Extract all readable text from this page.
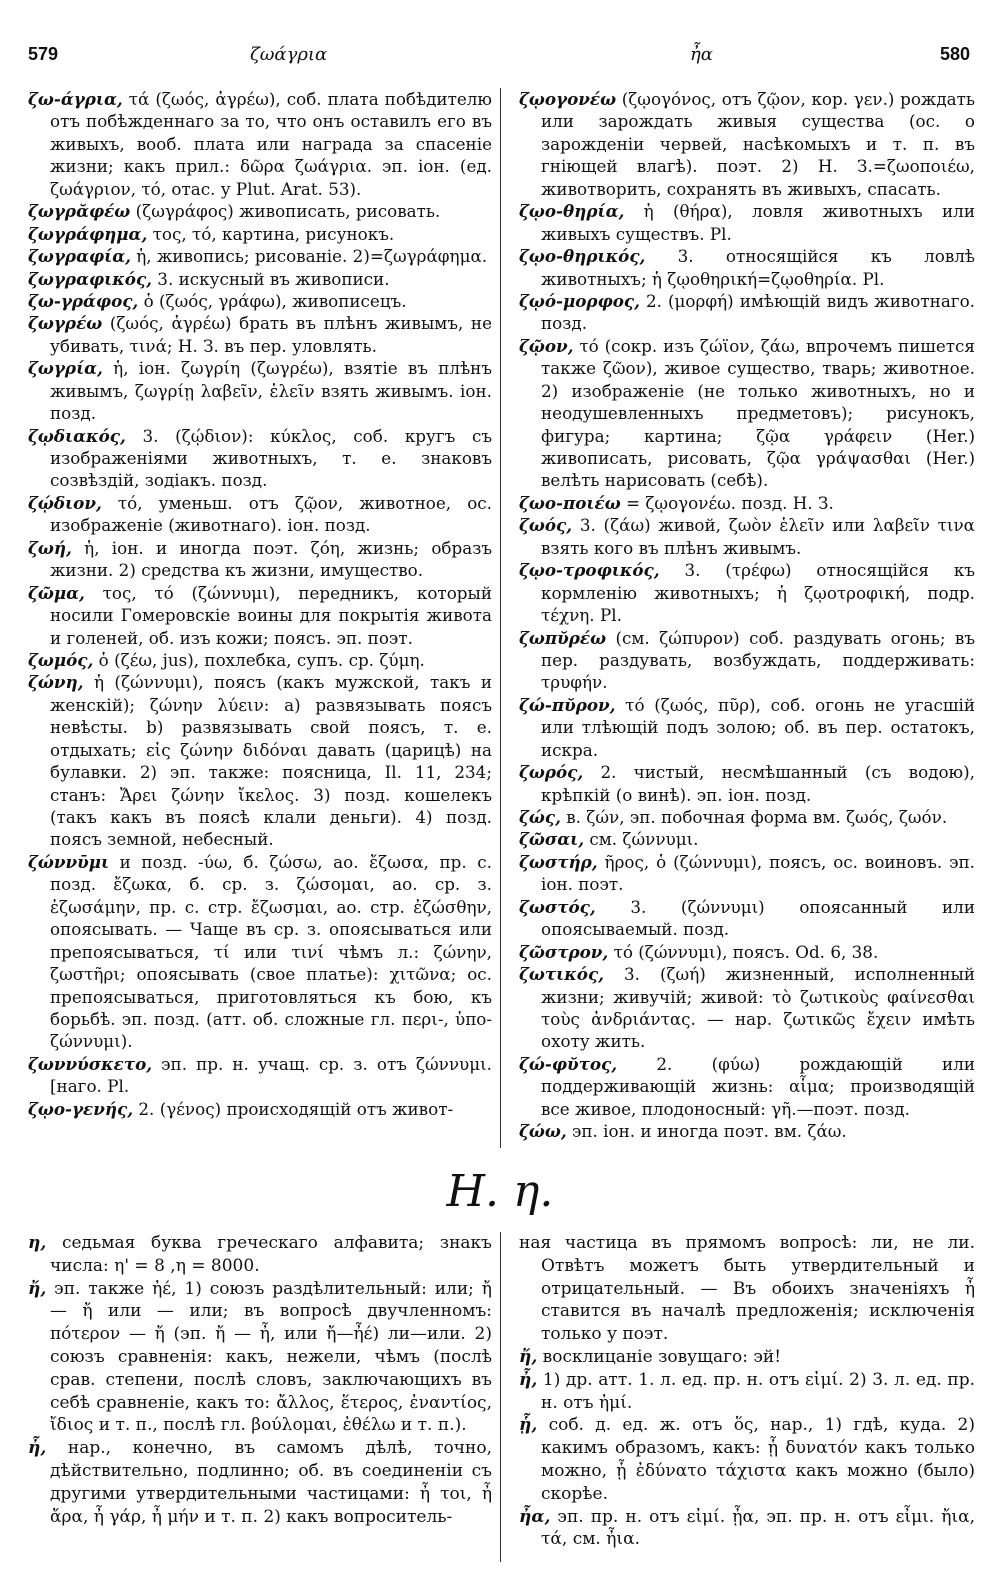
579	ζωάγρια	ἦα	580

ζω-άγρια, τά (ζωός, ἀγρέω), соб. плата побѣдителю отъ побѣжденнаго за то, что онъ оставилъ его въ живыхъ, вооб. плата или награда за спасеніе жизни; какъ прил.: δῶρα ζωάγρια. эп. іон. (ед. ζωάγριον, τό, отас. у Plut. Arat. 53).

ζωγρᾰφέω (ζωγράφος) живописать, рисовать.

ζωγράφημα, τος, τό, картина, рисунокъ.

ζωγραφία, ἡ, живопись; рисованіе. 2)=ζωγράφημα.

ζωγραφικός, 3. искусный въ живописи.

ζω-γράφος, ὁ (ζωός, γράφω), живописецъ.

ζωγρέω (ζωός, ἀγρέω) брать въ плѣнъ живымъ, не убивать, τινά; Н. З. въ пер. уловлять.

ζωγρία, ἡ, іон. ζωγρίη (ζωγρέω), взятіе въ плѣнъ живымъ, ζωγρίῃ λαβεῖν, ἑλεῖν взять живымъ. іон. позд.

ζῳδιακός, 3. (ζῴδιον): κύκλος, соб. кругъ съ изображеніями животныхъ, т. е. знаковъ созвѣздій, зодіакъ. позд.

ζῴδιον, τό, уменьш. отъ ζῷον, животное, ос. изображеніе (животнаго). іон. позд.

ζωή, ἡ, іон. и иногда поэт. ζόη, жизнь; образъ жизни. 2) средства къ жизни, имущество.

ζῶμα, τος, τό (ζώννυμι), передникъ, который носили Гомеровскіе воины для покрытія живота и голеней, об. изъ кожи; поясъ. эп. поэт.

ζωμός, ὁ (ζέω, jus), похлебка, супъ. ср. ζύμη.

ζώνη, ἡ (ζώννυμι), поясъ (какъ мужской, такъ и женскій); ζώνην λύειν: a) развязывать поясъ невѣсты. b) развязывать свой поясъ, т. е. отдыхать; εἰς ζώνην διδόναι давать (царицѣ) на булавки. 2) эп. также: поясница, Il. 11, 234; станъ: Ἄρει ζώνην ἴκελος. 3) позд. кошелекъ (такъ какъ въ поясѣ клали деньги). 4) позд. поясъ земной, небесный.

ζώννῡμι и позд. -ύω, б. ζώσω, ао. ἔζωσα, пр. с. позд. ἔζωκα, б. ср. з. ζώσομαι, ао. ср. з. ἐζωσάμην, пр. с. стр. ἔζωσμαι, ао. стр. ἐζώσθην, опоясывать. — Чаще въ ср. з. опоясываться или препоясываться, τί или τινί чѣмъ л.: ζώνην, ζωστῆρι; опоясывать (свое платье): χιτῶνα; ос. препоясываться, приготовляться къ бою, къ борьбѣ. эп. позд. (атт. об. сложные гл. περι-, ὑπο-ζώννυμι).

ζωννύσκετο, эп. пр. н. учащ. ср. з. отъ ζώννυμι. [наго. Pl.

ζῳο-γενής, 2. (γένος) происходящій отъ живот-

ζῳογονέω (ζῳογόνος, отъ ζῷον, кор. γεν.) рождать или зарождать живыя существа (ос. о зарожденіи червей, насѣкомыхъ и т. п. въ гніющей влагѣ). поэт. 2) Н. З.=ζωοποιέω, животворить, сохранять въ живыхъ, спасать.

ζῳο-θηρία, ἡ (θήρα), ловля животныхъ или живыхъ существъ. Pl.

ζῳο-θηρικός, 3. относящійся къ ловлѣ животныхъ; ἡ ζῳοθηρική=ζῳοθηρία. Pl.

ζῳό-μορφος, 2. (μορφή) имѣющій видъ животнаго. позд.

ζῷον, τό (сокр. изъ ζώϊον, ζάω, впрочемъ пишется также ζῶον), живое существо, тварь; животное. 2) изображеніе (не только животныхъ, но и неодушевленныхъ предметовъ); рисунокъ, фигура; картина; ζῷα γράφειν (Her.) живописать, рисовать, ζῷα γράψασθαι (Her.) велѣть нарисовать (себѣ).

ζωο-ποιέω = ζῳογονέω. позд. Н. З.

ζωός, 3. (ζάω) живой, ζωὸν ἑλεῖν или λαβεῖν τινα взять кого въ плѣнъ живымъ.

ζῳο-τροφικός, 3. (τρέφω) относящійся къ кормленію животныхъ; ἡ ζῳοτροφική, подр. τέχνη. Pl.

ζωπῠρέω (см. ζώπυρον) соб. раздувать огонь; въ пер. раздувать, возбуждать, поддерживать: τρυφήν.

ζώ-πῠρον, τό (ζωός, πῦρ), соб. огонь не угасшій или тлѣющій подъ золою; об. въ пер. остатокъ, искра.

ζωρός, 2. чистый, несмѣшанный (съ водою), крѣпкій (о винѣ). эп. іон. позд.

ζώς, в. ζών, эп. побочная форма вм. ζωός, ζωόν.

ζῶσαι, см. ζώννυμι.

ζωστήρ, ῆρος, ὁ (ζώννυμι), поясъ, ос. воиновъ. эп. іон. поэт.

ζωστός, 3. (ζώννυμι) опоясанный или опоясываемый. позд.

ζῶστρον, τό (ζώννυμι), поясъ. Od. 6, 38.

ζωτικός, 3. (ζωή) жизненный, исполненный жизни; живучій; живой: τὸ ζωτικοὺς φαίνεσθαι τοὺς ἀνδριάντας. — нар. ζωτικῶς ἔχειν имѣть охоту жить.

ζώ-φῠτος, 2. (φύω) рождающій или поддерживающій жизнь: αἷμα; производящій все живое, плодоносный: γῆ.—поэт. позд.

ζώω, эп. іон. и иногда поэт. вм. ζάω.

H. η.

η, седьмая буква греческаго алфавита; знакъ числа: η' = 8 ,η = 8000.

ἤ, эп. также ἠέ, 1) союзъ раздѣлительный: или; ἤ — ἤ или — или; въ вопросѣ двучленномъ: πότερον — ἤ (эп. ἤ — ἦ, или ἤ—ἦέ) ли—или. 2) союзъ сравненія: какъ, нежели, чѣмъ (послѣ срав. степени, послѣ словъ, заключающихъ въ себѣ сравненіе, какъ то: ἄλλος, ἕτερος, ἐναντίος, ἴδιος и т. п., послѣ гл. βούλομαι, ἐθέλω и т. п.).

ἦ, нар., конечно, въ самомъ дѣлѣ, точно, дѣйствительно, подлинно; об. въ соединеніи съ другими утвердительными частицами: ἦ τοι, ἦ ἄρα, ἦ γάρ, ἦ μήν и т. п. 2) какъ вопроситель-

ная частица въ прямомъ вопросѣ: ли, не ли. Отвѣтъ можетъ быть утвердительный и отрицательный. — Въ обоихъ значеніяхъ ἦ ставится въ началѣ предложенія; исключенія только у поэт.

ἤ, восклицаніе зовущаго: эй!

ἦ, 1) др. атт. 1. л. ед. пр. н. отъ εἰμί. 2) 3. л. ед. пр. н. отъ ἠμί.

ᾗ, соб. д. ед. ж. отъ ὅς, нар., 1) гдѣ, куда. 2) какимъ образомъ, какъ: ᾗ δυνατόν какъ только можно, ᾗ ἐδύνατο τάχιστα какъ можно (было) скорѣе.

ἦα, эп. пр. н. отъ εἰμί. ᾖα, эп. пр. н. отъ εἶμι. ἤια, τά, см. ἦια.
